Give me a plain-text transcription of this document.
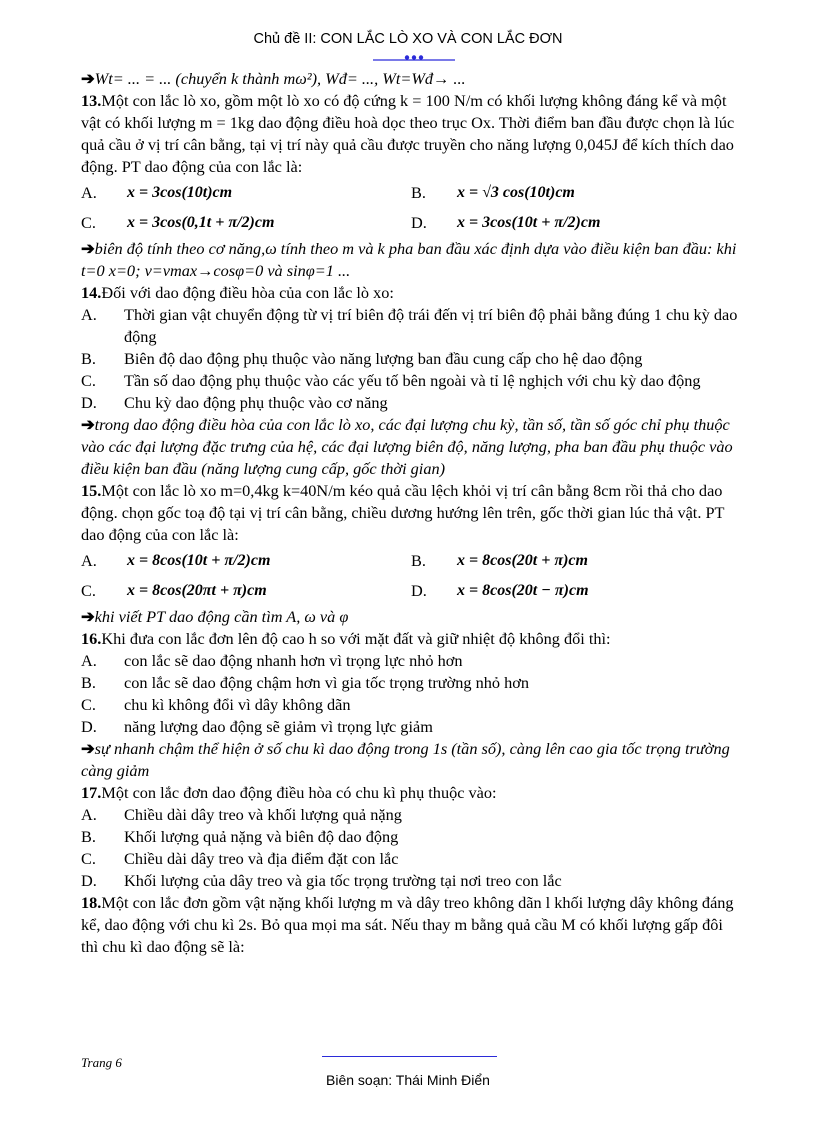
Chủ đề II: CON LẮC LÒ XO VÀ CON LẮC ĐƠN

➔Wt= ... = ... (chuyển k thành mω²), Wđ= ..., Wt=Wđ→ ...

13.Một con lắc lò xo, gồm một lò xo có độ cứng k = 100 N/m có khối lượng không đáng kể và một vật có khối lượng m = 1kg dao động điều hoà dọc theo trục Ox. Thời điểm ban đầu được chọn là lúc quả cầu ở vị trí cân bằng, tại vị trí này quả cầu được truyền cho năng lượng 0,045J để kích thích dao động. PT dao động của con lắc là:

A.	x = 3cos(10t)cm	B.	x = √3 cos(10t)cm
C.	x = 3cos(0,1t + π/2)cm	D.	x = 3cos(10t + π/2)cm

➔biên độ tính theo cơ năng,ω tính theo m và k pha ban đầu xác định dựa vào điều kiện ban đầu: khi t=0 x=0; v=vmax→cosφ=0 và sinφ=1 ...

14.Đối với dao động điều hòa của con lắc lò xo:

A.	Thời gian vật chuyển động từ vị trí biên độ trái đến vị trí biên độ phải bằng đúng 1 chu kỳ dao động
B.	Biên độ dao động phụ thuộc vào năng lượng ban đầu cung cấp cho hệ dao động
C.	Tần số dao động phụ thuộc vào các yếu tố bên ngoài và tỉ lệ nghịch với chu kỳ dao động
D.	Chu kỳ dao động phụ thuộc vào cơ năng

➔trong dao động điều hòa của con lắc lò xo, các đại lượng chu kỳ, tần số, tần số góc chỉ phụ thuộc vào các đại lượng đặc trưng của hệ, các đại lượng biên độ, năng lượng, pha ban đầu phụ thuộc vào điều kiện ban đầu (năng lượng cung cấp, gốc thời gian)

15.Một con lắc lò xo m=0,4kg k=40N/m kéo quả cầu lệch khỏi vị trí cân bằng 8cm rồi thả cho dao động. chọn gốc toạ độ tại vị trí cân bằng, chiều dương hướng lên trên, gốc thời gian lúc thả vật. PT dao động của con lắc là:

A.	x = 8cos(10t + π/2)cm	B.	x = 8cos(20t + π)cm
C.	x = 8cos(20πt + π)cm	D.	x = 8cos(20t − π)cm

➔khi viết PT dao động cần tìm A, ω và φ

16.Khi đưa con lắc đơn lên độ cao h so với mặt đất và giữ nhiệt độ không đổi thì:

A.	con lắc sẽ dao động nhanh hơn vì trọng lực nhỏ hơn
B.	con lắc sẽ dao động chậm hơn vì gia tốc trọng trường nhỏ hơn
C.	chu kì không đổi vì dây không dãn
D.	năng lượng dao động sẽ giảm vì trọng lực giảm

➔sự nhanh chậm thể hiện ở số chu kì dao động trong 1s (tần số), càng lên cao gia tốc trọng trường càng giảm

17.Một con lắc đơn dao động điều hòa có chu kì phụ thuộc vào:

A.	Chiều dài dây treo và khối lượng quả nặng
B.	Khối lượng quả nặng và biên độ dao động
C.	Chiều dài dây treo và địa điểm đặt con lắc
D.	Khối lượng của dây treo và gia tốc trọng trường tại nơi treo con lắc

18.Một con lắc đơn gồm vật nặng khối lượng m và dây treo không dãn l khối lượng dây không đáng kể, dao động với chu kì 2s. Bỏ qua mọi ma sát. Nếu thay m bằng quả cầu M có khối lượng gấp đôi thì chu kì dao động sẽ là:

Trang 6
Biên soạn: Thái Minh Điển
